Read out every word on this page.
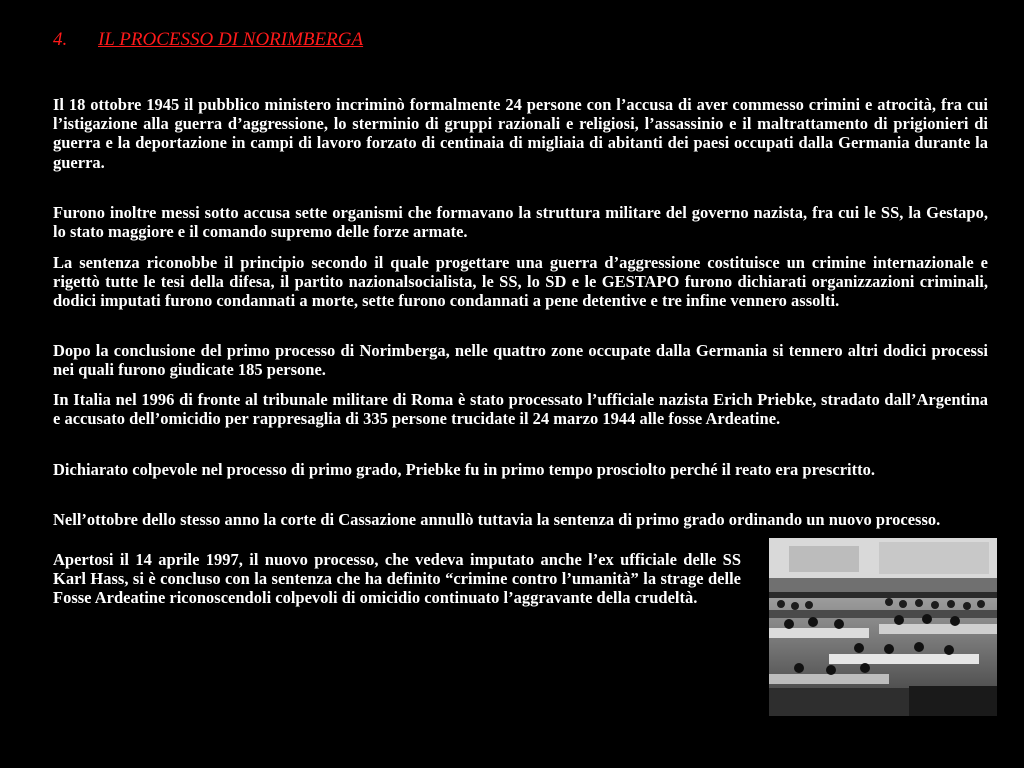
4. IL PROCESSO DI NORIMBERGA

Il 18 ottobre 1945 il pubblico ministero incriminò formalmente 24 persone con l’accusa di aver commesso crimini e atrocità, fra cui l’istigazione alla guerra d’aggressione, lo sterminio di gruppi razionali e religiosi, l’assassinio e il maltrattamento di prigionieri di guerra e la deportazione in campi di lavoro forzato di centinaia di migliaia di abitanti dei paesi occupati dalla Germania durante la guerra.

Furono inoltre messi sotto accusa sette organismi che formavano la struttura militare del governo nazista, fra cui le SS, la Gestapo, lo stato maggiore e il comando supremo delle forze armate.

La sentenza riconobbe il principio secondo il quale progettare una guerra d’aggressione costituisce un crimine internazionale e rigettò tutte le tesi della difesa, il partito nazionalsocialista, le SS, lo SD e le GESTAPO furono dichiarati organizzazioni criminali, dodici imputati furono condannati a morte, sette furono condannati a pene detentive e tre infine vennero assolti.

Dopo la conclusione del primo processo di Norimberga, nelle quattro zone occupate dalla Germania si tennero altri dodici processi nei quali furono giudicate 185 persone.

In Italia nel 1996 di fronte al tribunale militare di Roma è stato processato l’ufficiale nazista Erich Priebke, stradato dall’Argentina e accusato dell’omicidio per rappresaglia di 335 persone trucidate il 24 marzo 1944 alle fosse Ardeatine.

Dichiarato colpevole nel processo di primo grado, Priebke fu in primo tempo prosciolto perché il reato era prescritto.

Nell’ottobre dello stesso anno la corte di Cassazione annullò tuttavia la sentenza di primo grado ordinando un nuovo processo.

Apertosi il 14 aprile 1997, il nuovo processo, che vedeva imputato anche l’ex ufficiale delle SS Karl Hass, si è concluso con la sentenza che ha definito “crimine contro l’umanità” la strage delle Fosse Ardeatine riconoscendoli colpevoli di omicidio continuato l’aggravante della crudeltà.
